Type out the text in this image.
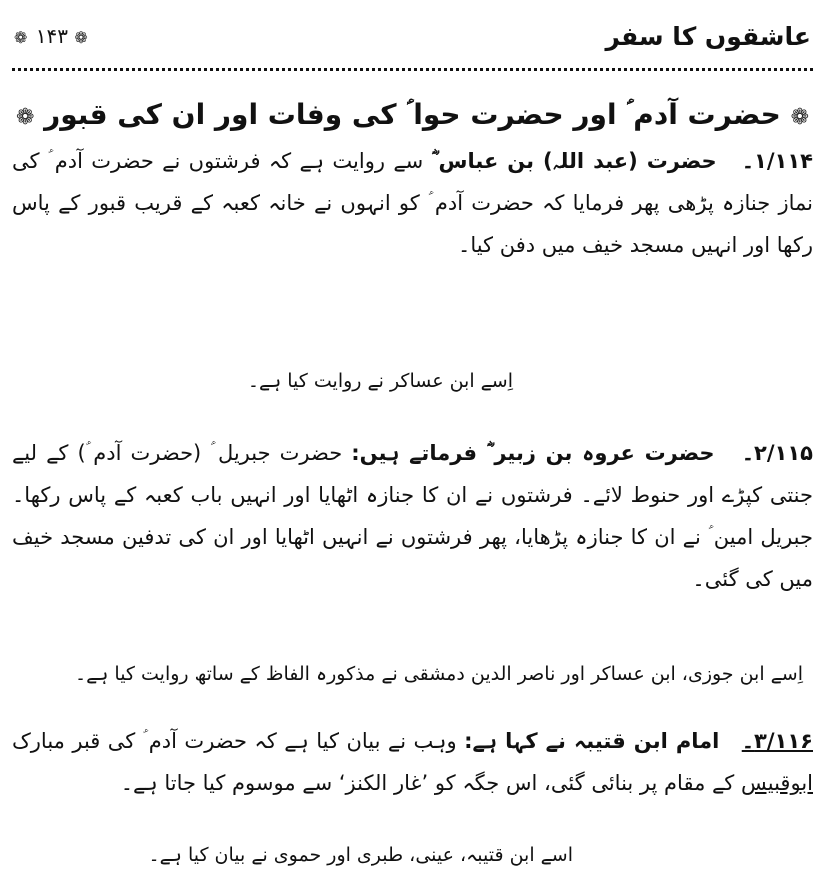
عاشقوں کا سفر
❁ ۱۴۳ ❁
❁ حضرت آدم ؑ اور حضرت حوا ؑ کی وفات اور ان کی قبور ❁
۱/۱۱۴۔   حضرت (عبد اللہ) بن عباس ؓ سے روایت ہے کہ فرشتوں نے حضرت آدم ؑ کی نماز جنازہ پڑھی پھر فرمایا کہ حضرت آدم ؑ کو انہوں نے خانہ کعبہ کے قریب قبور کے پاس رکھا اور انہیں مسجد خیف میں دفن کیا۔
اِسے ابن عساکر نے روایت کیا ہے۔
۲/۱۱۵۔   حضرت عروہ بن زبیر ؓ فرماتے ہیں: حضرت جبریل ؑ (حضرت آدم ؑ) کے لیے جنتی کپڑے اور حنوط لائے۔ فرشتوں نے ان کا جنازہ اٹھایا اور انہیں باب کعبہ کے پاس رکھا۔ جبریل امین ؑ نے ان کا جنازہ پڑھایا، پھر فرشتوں نے انہیں اٹھایا اور ان کی تدفین مسجد خیف میں کی گئی۔
اِسے ابن جوزی، ابن عساکر اور ناصر الدین دمشقی نے مذکورہ الفاظ کے ساتھ روایت کیا ہے۔
۳/۱۱۶۔   امام ابن قتیبہ نے کہا ہے: وہب نے بیان کیا ہے کہ حضرت آدم ؑ کی قبر مبارک ابوقبیس کے مقام پر بنائی گئی، اس جگہ کو ’غار الکنز‘ سے موسوم کیا جاتا ہے۔
اسے ابن قتیبہ، عینی، طبری اور حموی نے بیان کیا ہے۔
